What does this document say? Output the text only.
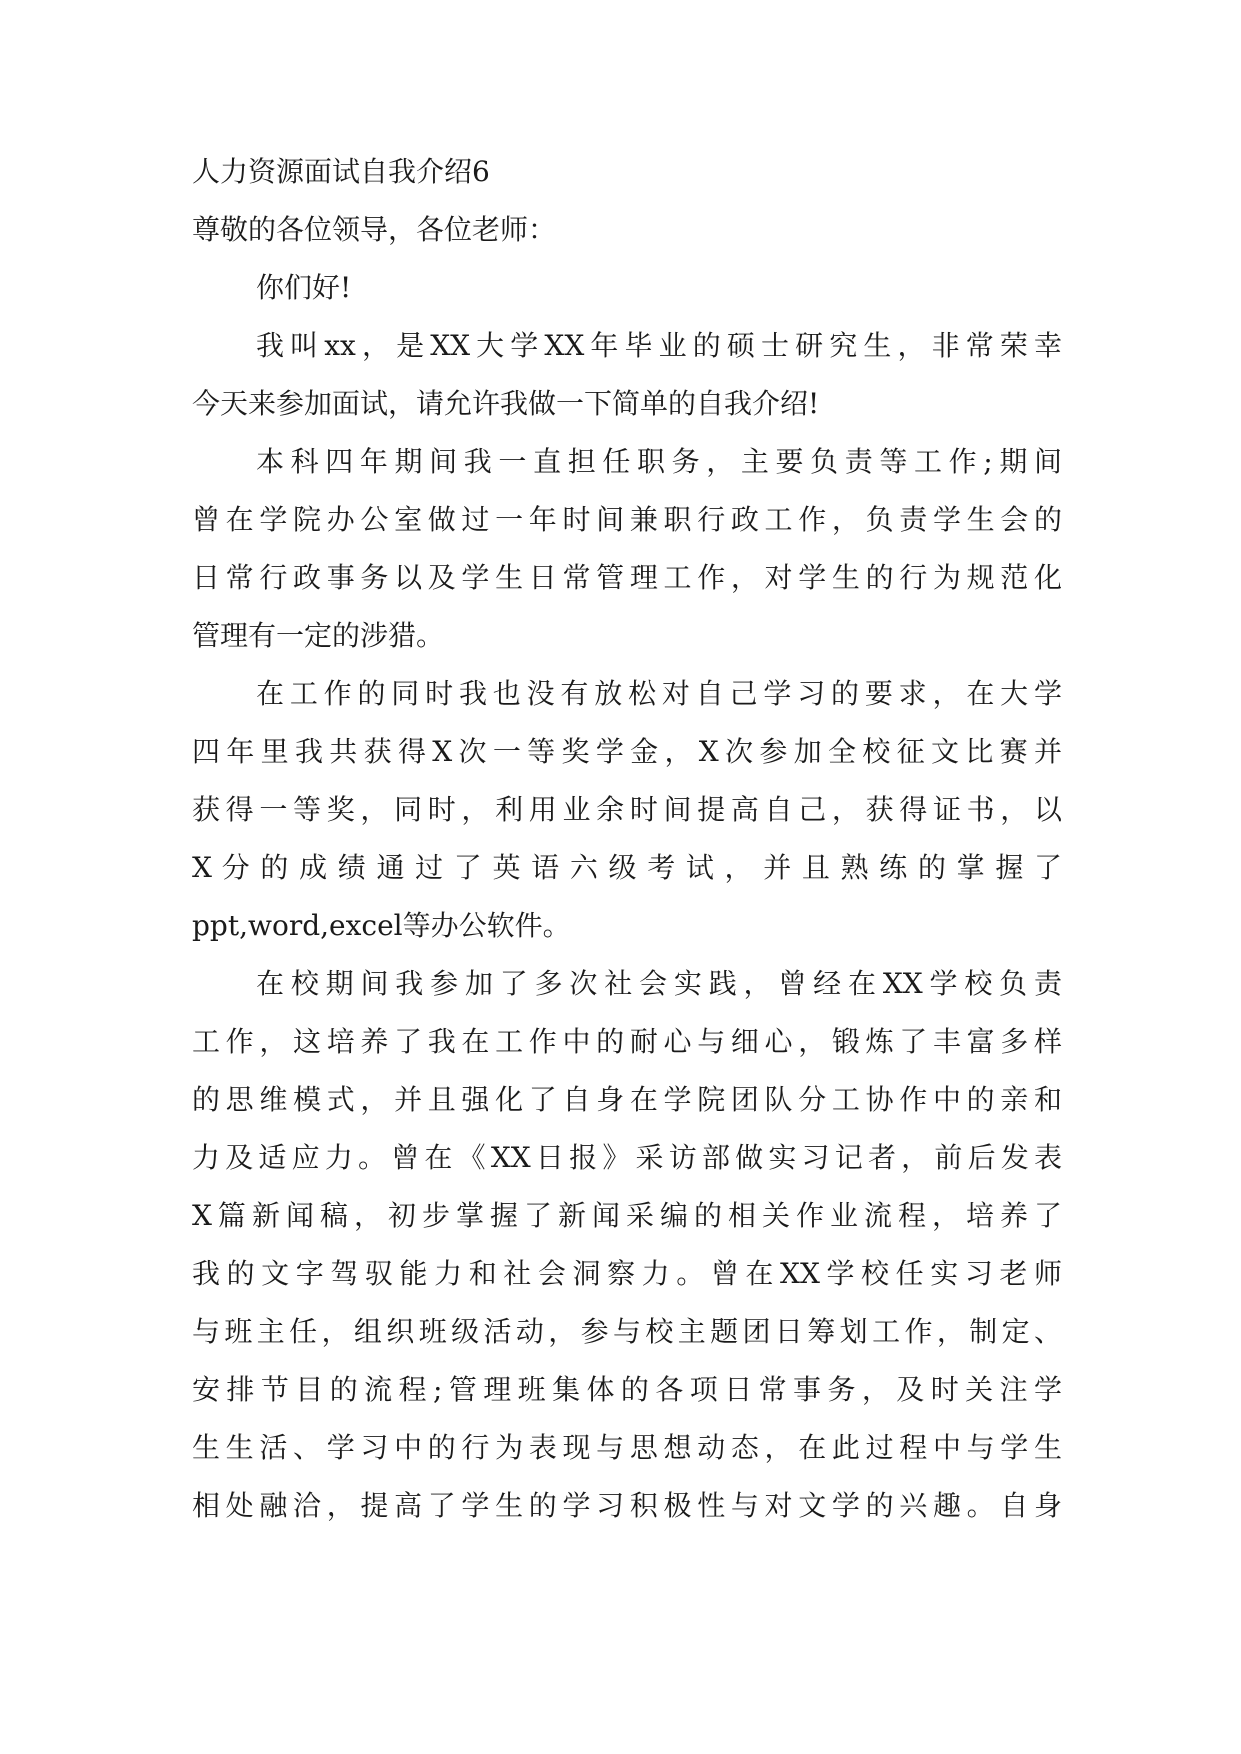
人力资源面试自我介绍6

尊敬的各位领导，各位老师：

你们好!

我叫xx，是XX大学XX年毕业的硕士研究生，非常荣幸

今天来参加面试，请允许我做一下简单的自我介绍!

本科四年期间我一直担任职务，主要负责等工作;期间

曾在学院办公室做过一年时间兼职行政工作，负责学生会的

日常行政事务以及学生日常管理工作，对学生的行为规范化

管理有一定的涉猎。

在工作的同时我也没有放松对自己学习的要求，在大学

四年里我共获得X次一等奖学金，X次参加全校征文比赛并

获得一等奖，同时，利用业余时间提高自己，获得证书，以

X 分 的 成 绩 通 过 了 英 语 六 级 考 试 ， 并 且 熟 练 的 掌 握 了

ppt,word,excel等办公软件。

在校期间我参加了多次社会实践，曾经在XX学校负责

工作，这培养了我在工作中的耐心与细心，锻炼了丰富多样

的思维模式，并且强化了自身在学院团队分工协作中的亲和

力及适应力。曾在《XX日报》采访部做实习记者，前后发表

X篇新闻稿，初步掌握了新闻采编的相关作业流程，培养了

我的文字驾驭能力和社会洞察力。曾在XX学校任实习老师

与班主任，组织班级活动，参与校主题团日筹划工作，制定、

安排节目的流程;管理班集体的各项日常事务，及时关注学

生生活、学习中的行为表现与思想动态，在此过程中与学生

相处融洽，提高了学生的学习积极性与对文学的兴趣。自身
